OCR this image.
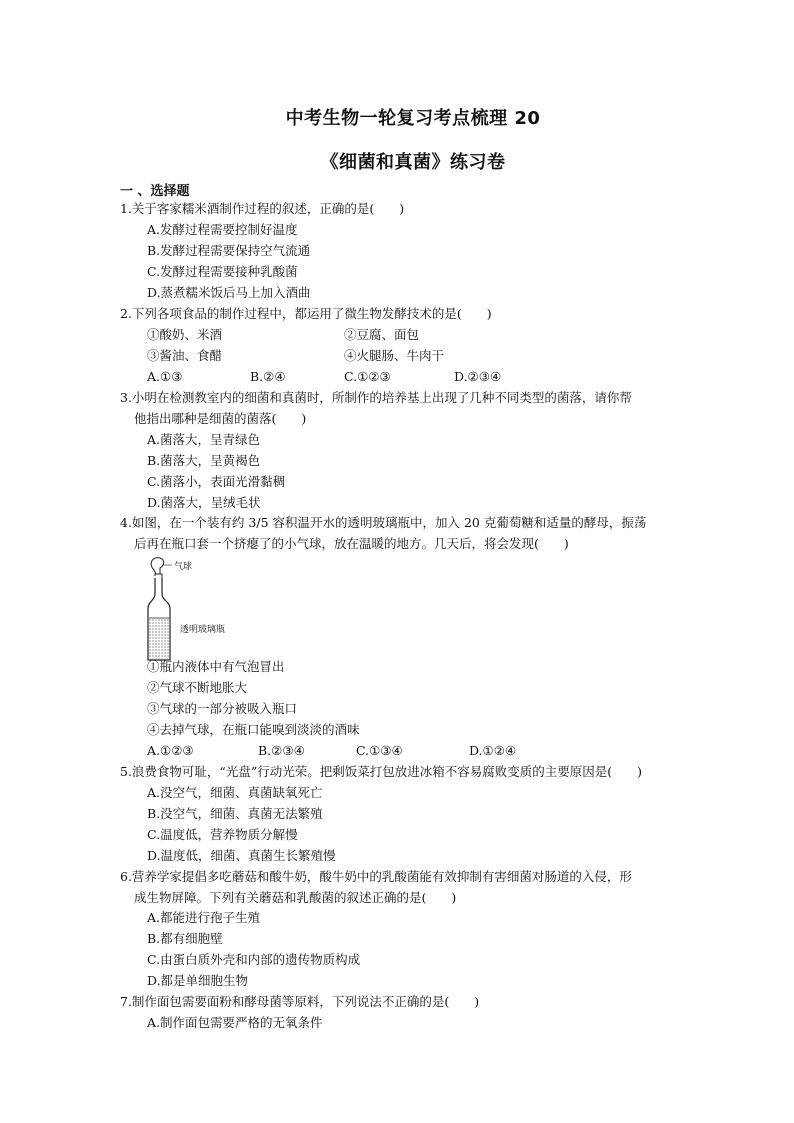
中考生物一轮复习考点梳理 20
《细菌和真菌》练习卷
一 、选择题
1.关于客家糯米酒制作过程的叙述，正确的是(　　)
A.发酵过程需要控制好温度
B.发酵过程需要保持空气流通
C.发酵过程需要接种乳酸菌
D.蒸煮糯米饭后马上加入酒曲
2.下列各项食品的制作过程中，都运用了微生物发酵技术的是(　　)
①酸奶、米酒	②豆腐、面包
③酱油、食醋	④火腿肠、牛肉干
A.①③	B.②④	C.①②③	D.②③④
3.小明在检测教室内的细菌和真菌时，所制作的培养基上出现了几种不同类型的菌落，请你帮
他指出哪种是细菌的菌落(　　)
A.菌落大，呈青绿色
B.菌落大，呈黄褐色
C.菌落小，表面光滑黏稠
D.菌落大，呈绒毛状
4.如图，在一个装有约 3/5 容积温开水的透明玻璃瓶中，加入 20 克葡萄糖和适量的酵母，振荡
后再在瓶口套一个挤瘪了的小气球，放在温暖的地方。几天后，将会发现(　　)
气球
透明玻璃瓶
①瓶内液体中有气泡冒出
②气球不断地胀大
③气球的一部分被吸入瓶口
④去掉气球，在瓶口能嗅到淡淡的酒味
A.①②③	B.②③④	C.①③④	D.①②④
5.浪费食物可耻，“光盘”行动光荣。把剩饭菜打包放进冰箱不容易腐败变质的主要原因是(　　)
A.没空气，细菌、真菌缺氧死亡
B.没空气，细菌、真菌无法繁殖
C.温度低，营养物质分解慢
D.温度低，细菌、真菌生长繁殖慢
6.营养学家提倡多吃蘑菇和酸牛奶，酸牛奶中的乳酸菌能有效抑制有害细菌对肠道的入侵，形
成生物屏障。下列有关蘑菇和乳酸菌的叙述正确的是(　　)
A.都能进行孢子生殖
B.都有细胞壁
C.由蛋白质外壳和内部的遗传物质构成
D.都是单细胞生物
7.制作面包需要面粉和酵母菌等原料，下列说法不正确的是(　　)
A.制作面包需要严格的无氧条件
